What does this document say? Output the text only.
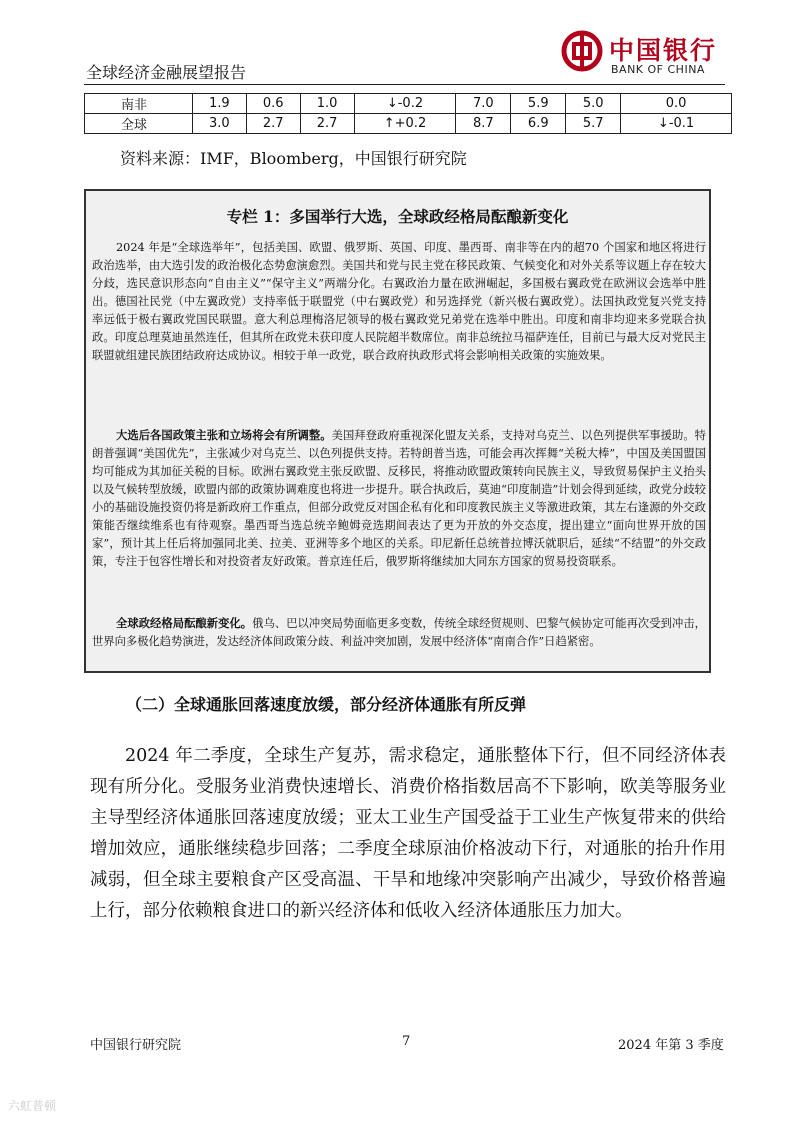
全球经济金融展望报告
中国银行
BANK OF CHINA
南非	1.9	0.6	1.0	↓-0.2	7.0	5.9	5.0	0.0
全球	3.0	2.7	2.7	↑+0.2	8.7	6.9	5.7	↓-0.1
资料来源：IMF，Bloomberg，中国银行研究院
专栏 1：多国举行大选，全球政经格局酝酿新变化

2024 年是“全球选举年”，包括美国、欧盟、俄罗斯、英国、印度、墨西哥、南非等在内的超70 个国家和地区将进行政治选举，由大选引发的政治极化态势愈演愈烈。美国共和党与民主党在移民政策、气候变化和对外关系等议题上存在较大分歧，选民意识形态向“自由主义”“保守主义”两端分化。右翼政治力量在欧洲崛起，多国极右翼政党在欧洲议会选举中胜出。德国社民党（中左翼政党）支持率低于联盟党（中右翼政党）和另选择党（新兴极右翼政党）。法国执政党复兴党支持率远低于极右翼政党国民联盟。意大利总理梅洛尼领导的极右翼政党兄弟党在选举中胜出。印度和南非均迎来多党联合执政。印度总理莫迪虽然连任，但其所在政党未获印度人民院超半数席位。南非总统拉马福萨连任，目前已与最大反对党民主联盟就组建民族团结政府达成协议。相较于单一政党，联合政府执政形式将会影响相关政策的实施效果。

大选后各国政策主张和立场将会有所调整。美国拜登政府重视深化盟友关系，支持对乌克兰、以色列提供军事援助。特朗普强调“美国优先”，主张减少对乌克兰、以色列提供支持。若特朗普当选，可能会再次挥舞“关税大棒”，中国及美国盟国均可能成为其加征关税的目标。欧洲右翼政党主张反欧盟、反移民，将推动欧盟政策转向民族主义，导致贸易保护主义抬头以及气候转型放缓，欧盟内部的政策协调难度也将进一步提升。联合执政后，莫迪“印度制造”计划会得到延续，政党分歧较小的基础设施投资仍将是新政府工作重点，但部分政党反对国企私有化和印度教民族主义等激进政策，其左右逢源的外交政策能否继续维系也有待观察。墨西哥当选总统辛鲍姆竞选期间表达了更为开放的外交态度，提出建立“面向世界开放的国家”，预计其上任后将加强同北美、拉美、亚洲等多个地区的关系。印尼新任总统普拉博沃就职后，延续“不结盟”的外交政策，专注于包容性增长和对投资者友好政策。普京连任后，俄罗斯将继续加大同东方国家的贸易投资联系。

全球政经格局酝酿新变化。俄乌、巴以冲突局势面临更多变数，传统全球经贸规则、巴黎气候协定可能再次受到冲击，世界向多极化趋势演进，发达经济体间政策分歧、利益冲突加剧，发展中经济体“南南合作”日趋紧密。

（二）全球通胀回落速度放缓，部分经济体通胀有所反弹

2024 年二季度，全球生产复苏，需求稳定，通胀整体下行，但不同经济体表现有所分化。受服务业消费快速增长、消费价格指数居高不下影响，欧美等服务业主导型经济体通胀回落速度放缓；亚太工业生产国受益于工业生产恢复带来的供给增加效应，通胀继续稳步回落；二季度全球原油价格波动下行，对通胀的抬升作用减弱，但全球主要粮食产区受高温、干旱和地缘冲突影响产出减少，导致价格普遍上行，部分依赖粮食进口的新兴经济体和低收入经济体通胀压力加大。

中国银行研究院	7	2024 年第 3 季度
六虹普顿
